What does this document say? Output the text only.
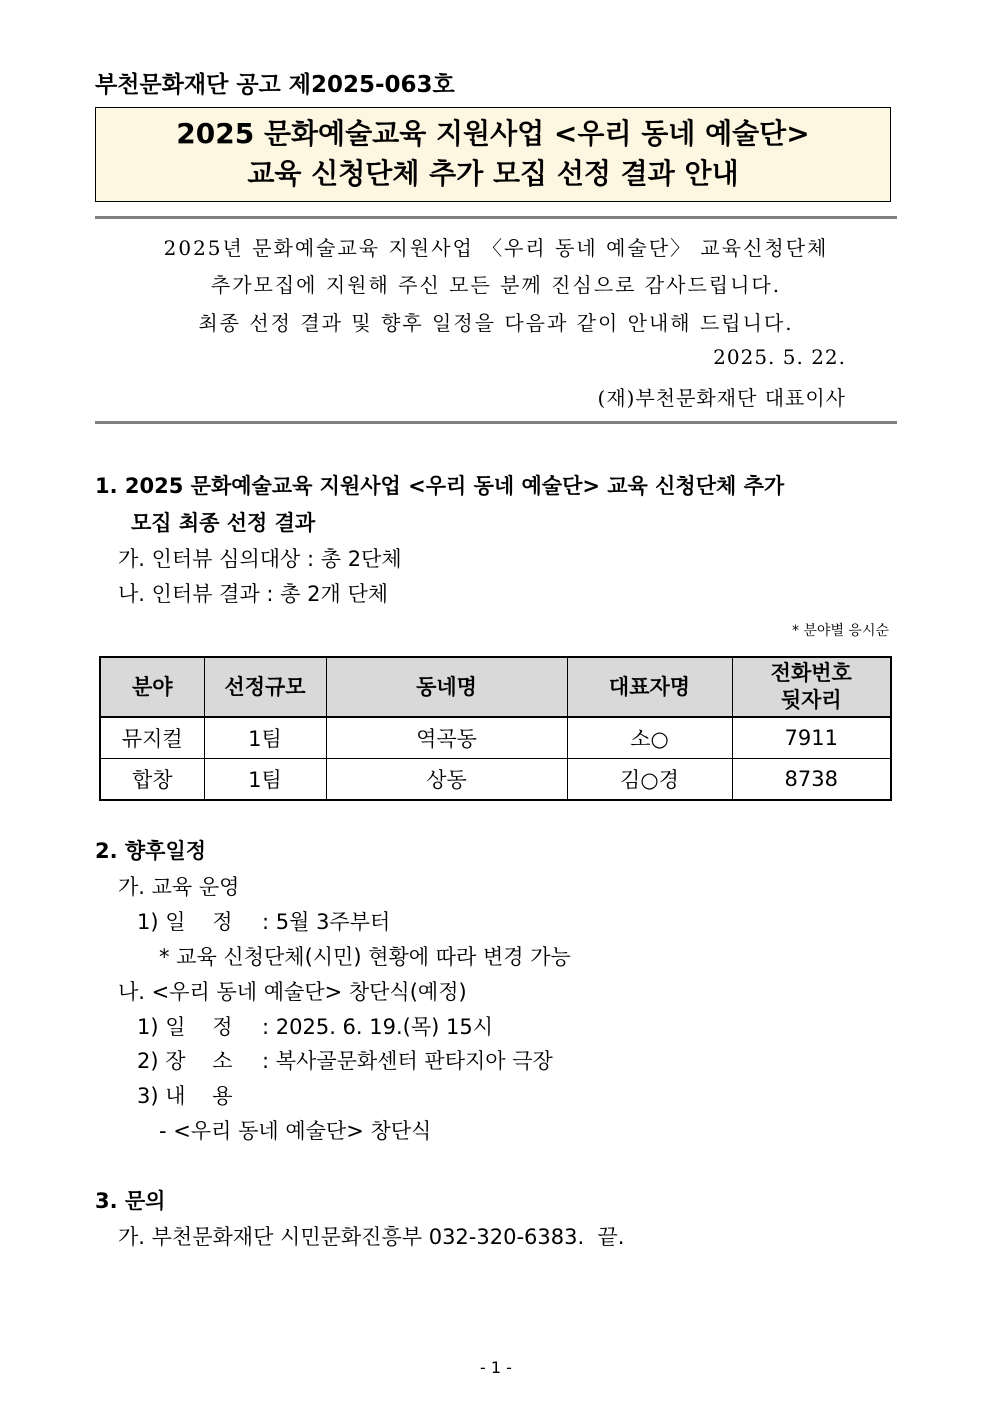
부천문화재단 공고 제2025-063호
2025 문화예술교육 지원사업 <우리 동네 예술단>
교육 신청단체 추가 모집 선정 결과 안내
2025년 문화예술교육 지원사업 〈우리 동네 예술단〉 교육신청단체
추가모집에 지원해 주신 모든 분께 진심으로 감사드립니다.
최종 선정 결과 및 향후 일정을 다음과 같이 안내해 드립니다.
2025. 5. 22.
(재)부천문화재단 대표이사
1. 2025 문화예술교육 지원사업 <우리 동네 예술단> 교육 신청단체 추가
모집 최종 선정 결과
가. 인터뷰 심의대상 : 총 2단체
나. 인터뷰 결과 : 총 2개 단체
* 분야별 응시순
분야	선정규모	동네명	대표자명	전화번호
뒷자리

뮤지컬	1팀	역곡동	소○	7911
합창	1팀	상동	김○경	8738
2. 향후일정
가. 교육 운영
1) 일    정 : 5월 3주부터
* 교육 신청단체(시민) 현황에 따라 변경 가능
나. <우리 동네 예술단> 창단식(예정)
1) 일    정 : 2025. 6. 19.(목) 15시
2) 장    소 : 복사골문화센터 판타지아 극장
3) 내    용
- <우리 동네 예술단> 창단식
3. 문의
가. 부천문화재단 시민문화진흥부 032-320-6383.  끝.
- 1 -
